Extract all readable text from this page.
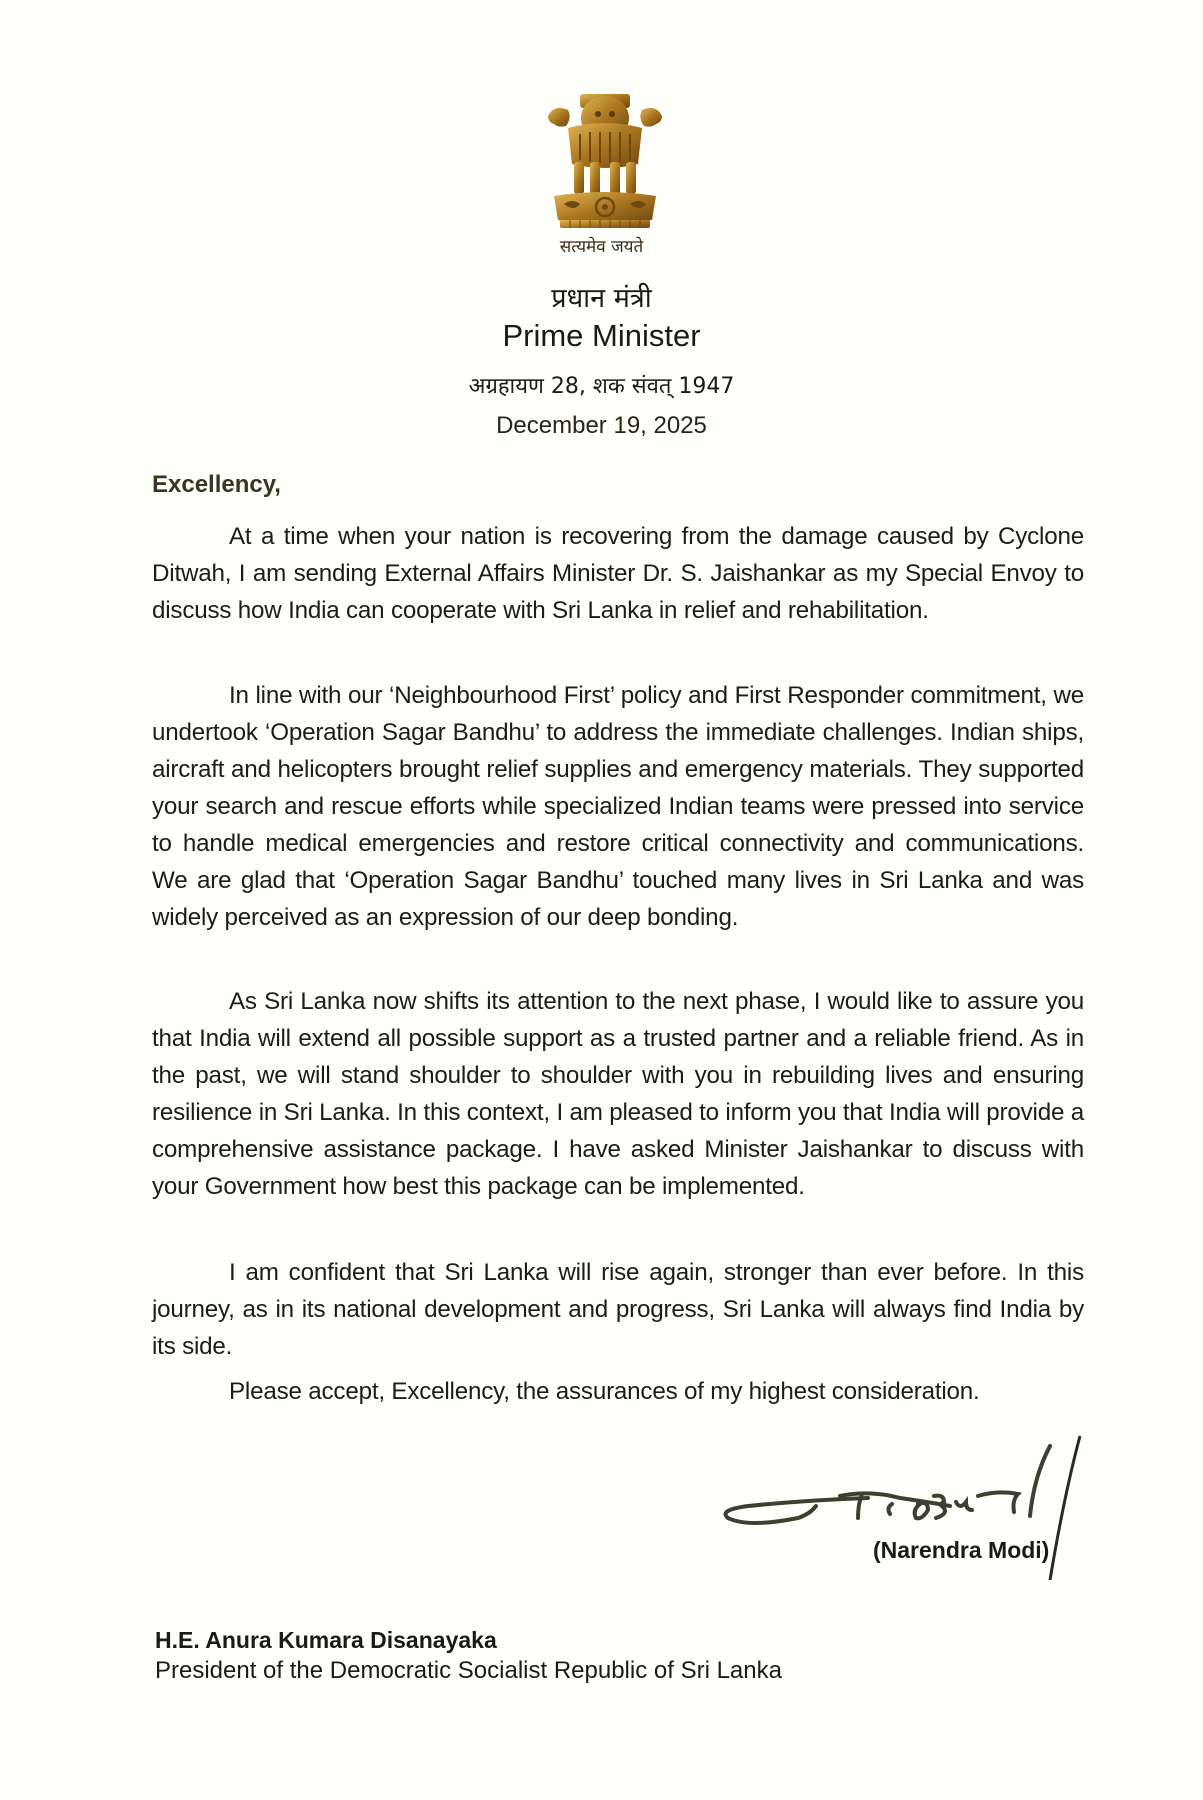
सत्यमेव जयते
प्रधान मंत्री
Prime Minister
अग्रहायण 28, शक संवत् 1947
December 19, 2025
Excellency,

At a time when your nation is recovering from the damage caused by Cyclone Ditwah, I am sending External Affairs Minister Dr. S. Jaishankar as my Special Envoy to discuss how India can cooperate with Sri Lanka in relief and rehabilitation.

In line with our ‘Neighbourhood First’ policy and First Responder commitment, we undertook ‘Operation Sagar Bandhu’ to address the immediate challenges. Indian ships, aircraft and helicopters brought relief supplies and emergency materials. They supported your search and rescue efforts while specialized Indian teams were pressed into service to handle medical emergencies and restore critical connectivity and communications. We are glad that ‘Operation Sagar Bandhu’ touched many lives in Sri Lanka and was widely perceived as an expression of our deep bonding.

As Sri Lanka now shifts its attention to the next phase, I would like to assure you that India will extend all possible support as a trusted partner and a reliable friend. As in the past, we will stand shoulder to shoulder with you in rebuilding lives and ensuring resilience in Sri Lanka. In this context, I am pleased to inform you that India will provide a comprehensive assistance package. I have asked Minister Jaishankar to discuss with your Government how best this package can be implemented.

I am confident that Sri Lanka will rise again, stronger than ever before. In this journey, as in its national development and progress, Sri Lanka will always find India by its side.

Please accept, Excellency, the assurances of my highest consideration.

(Narendra Modi)
H.E. Anura Kumara Disanayaka
President of the Democratic Socialist Republic of Sri Lanka
